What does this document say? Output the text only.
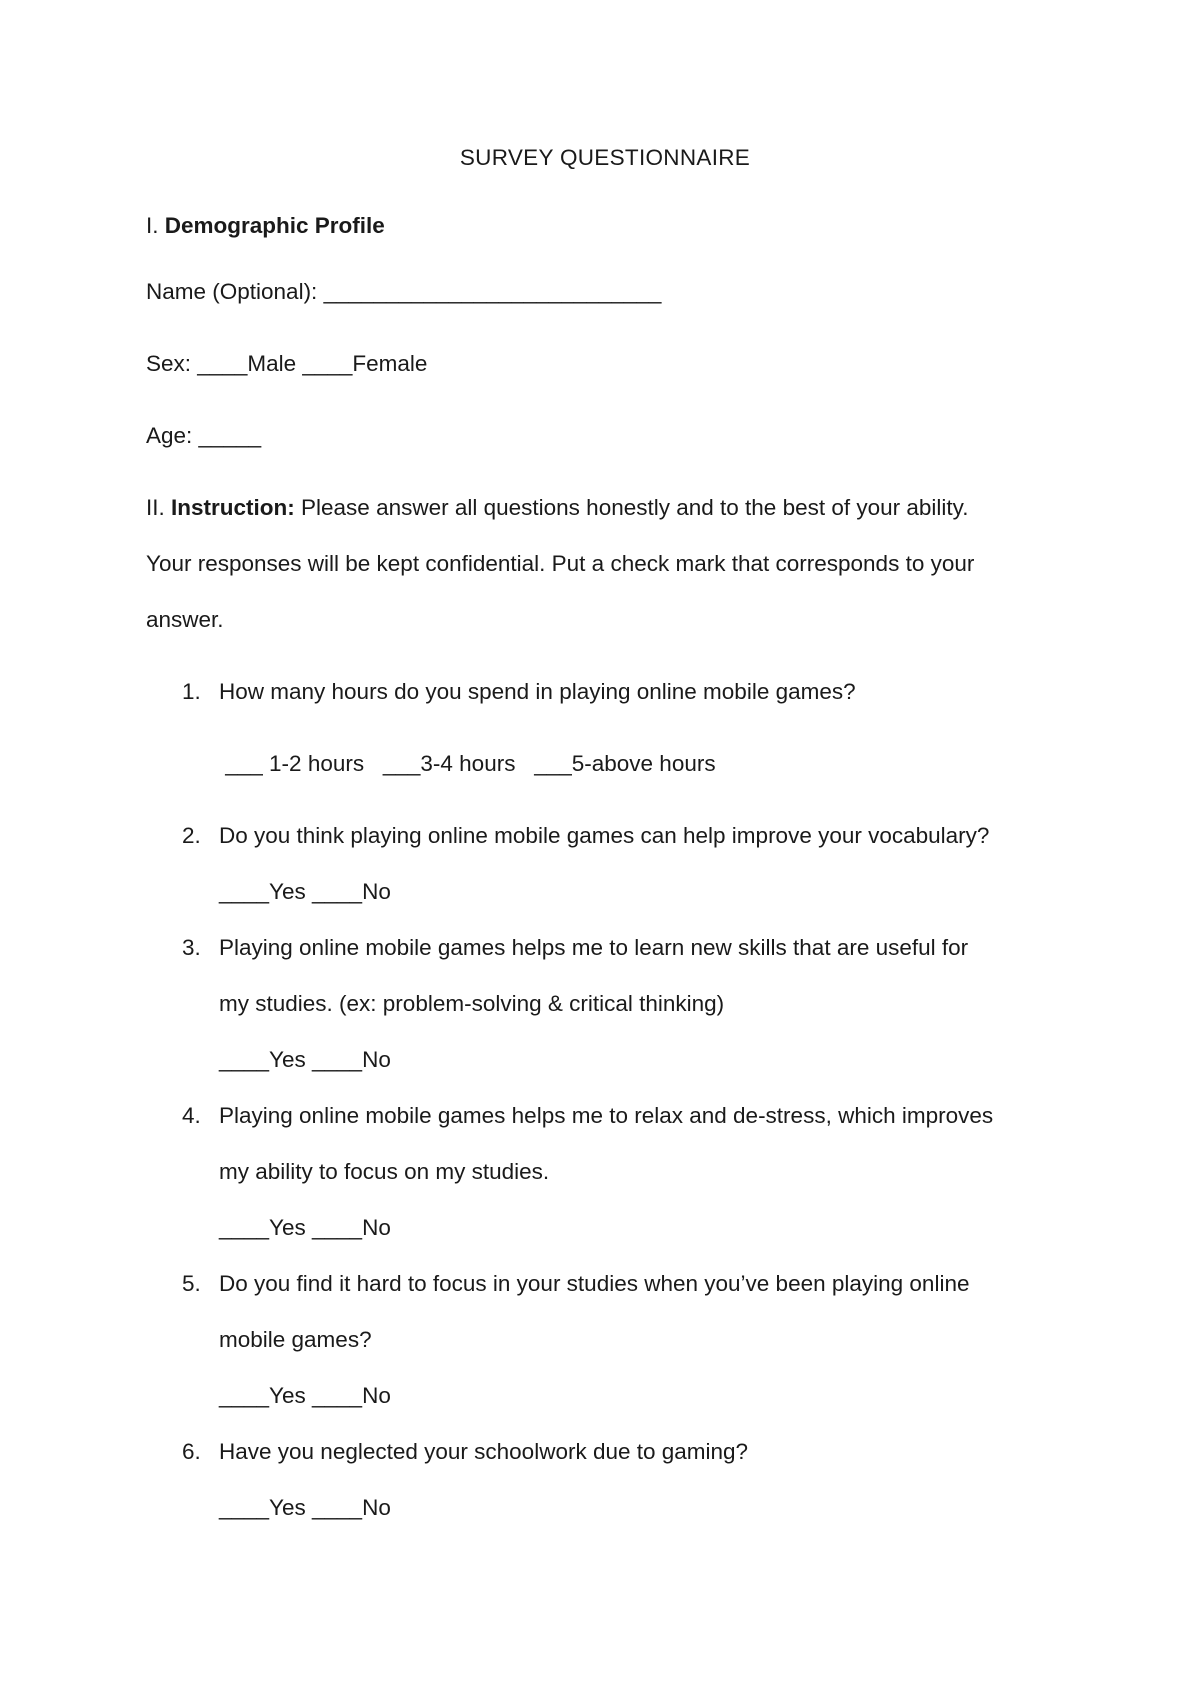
SURVEY QUESTIONNAIRE
I. Demographic Profile
Name (Optional): ___________________________
Sex: ____Male ____Female
Age: _____
II. Instruction: Please answer all questions honestly and to the best of your ability.
Your responses will be kept confidential. Put a check mark that corresponds to your
answer.
1. How many hours do you spend in playing online mobile games?
___ 1-2 hours   ___3-4 hours   ___5-above hours
2. Do you think playing online mobile games can help improve your vocabulary?
____Yes ____No
3. Playing online mobile games helps me to learn new skills that are useful for
my studies. (ex: problem-solving & critical thinking)
____Yes ____No
4. Playing online mobile games helps me to relax and de-stress, which improves
my ability to focus on my studies.
____Yes ____No
5. Do you find it hard to focus in your studies when you’ve been playing online
mobile games?
____Yes ____No
6. Have you neglected your schoolwork due to gaming?
____Yes ____No
